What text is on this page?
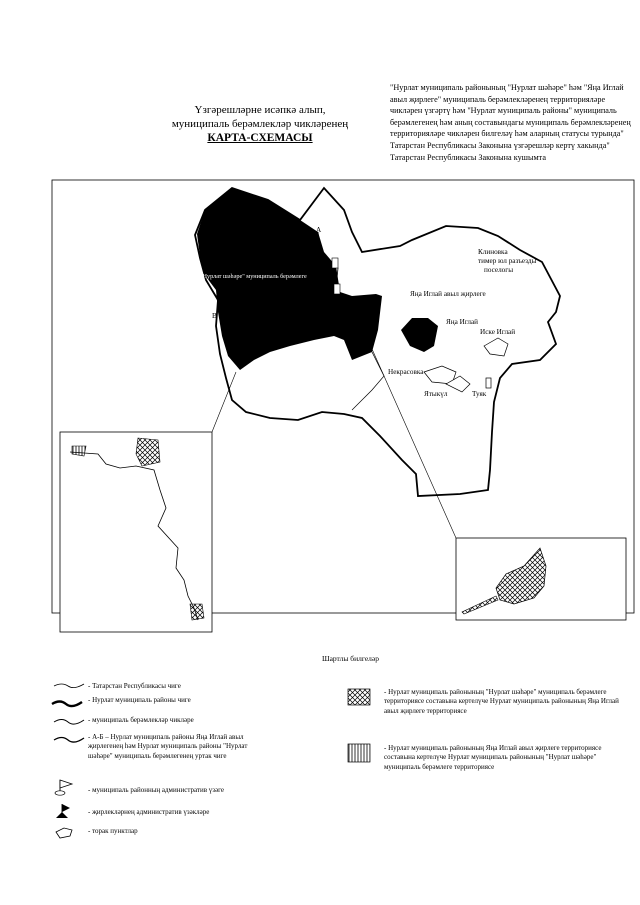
"Нурлат муниципаль районының "Нурлат шәһәре" һәм "Яңа Иглай авыл җирлеге" муниципаль берәмлекләренең территорияләре чикләрен үзгәртү һәм "Нурлат муниципаль районы" муниципаль берәмлегенең һәм аның составындагы муниципаль берәмлекләренең территорияләре чикләрен билгеләү һәм аларның статусы турында" Татарстан Республикасы Законына үзгәрешләр кертү хакында" Татарстан Республикасы Законына кушымта
Үзгәрешләрне исәпкә алып,
муниципаль берәмлекләр чикләренең
КАРТА-СХЕМАСЫ
А
В
"Нурлат шәһәре" муниципаль берәмлеге
Клиновка
тимер юл разъезды
поселогы
Яңа Иглай авыл җирлеге
Яңа Иглай
Иске Иглай
Некрасовка
Ятыкүл	Туяк
Шартлы билгеләр
- Татарстан Республикасы чиге
- Нурлат муниципаль районы чиге
- муниципаль берәмлекләр чикләре
- А-Б – Нурлат муниципаль районы Яңа Иглай авыл җирлегенең һәм Нурлат муниципаль районы "Нурлат шәһәре" муниципаль берәмлегенең уртак чиге
- муниципаль районның административ үзәге
- җирлекләрнең административ үзәкләре
- торак пунктлар
- Нурлат муниципаль районының "Нурлат шәһәре" муниципаль берәмлеге территориясе составына кертелүче Нурлат муниципаль районының Яңа Иглай авыл җирлеге территориясе
- Нурлат муниципаль районының Яңа Иглай авыл җирлеге территориясе составына кертелүче Нурлат муниципаль районының "Нурлат шәһәре" муниципаль берәмлеге территориясе
